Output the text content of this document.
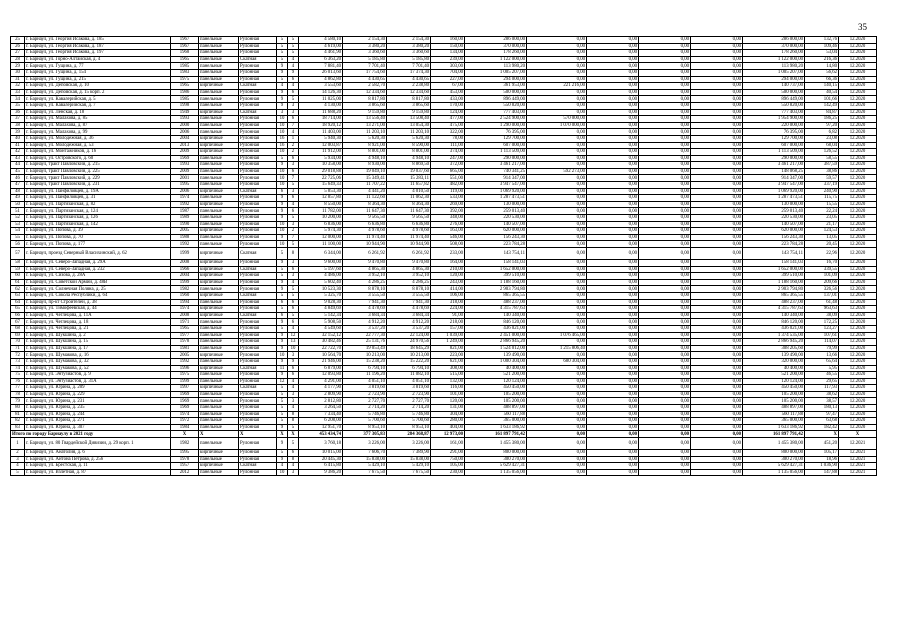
35
25	г. Барнаул, ул. Георгия Исакова, д. 185	1967	панельные	Рулонная	5	5	4 580,10	2 154,30	2 154,30	160,00	286 000,00	0,00	0,00	0,00	0,00	286 000,00	132,76	12.2020
26	г. Барнаул, ул. Георгия Исакова, д. 187	1967	панельные	Рулонная	5	5	4 619,00	3 380,20	3 380,20	150,00	370 000,00	0,00	0,00	0,00	0,00	370 000,00	109,46	12.2020
27	г. Барнаул, ул. Георгия Исакова, д. 197	1968	панельные	Рулонная	5	5	4 461,90	3 360,60	3 360,60	134,00	178 260,00	0,00	0,00	0,00	0,00	178 260,00	53,04	12.2020
28	г. Барнаул, ул. Горно-Алтайская, д. 4	1965	панельные	Скатная	5	4	6 363,20	5 185,80	5 185,80	239,00	1 122 000,00	0,00	0,00	0,00	0,00	1 122 000,00	216,36	12.2020
29	г. Барнаул, ул. Гущина, д. 77	1985	панельные	Рулонная	9	4	7 881,40	7 701,40	7 701,40	303,00	113 980,20	0,00	0,00	0,00	0,00	113 980,20	14,80	12.2020
30	г. Барнаул, ул. Гущина, д. 154	1983	панельные	Рулонная	9	9	26 013,60	17 754,60	17 374,30	704,00	1 005 207,00	0,00	0,00	0,00	0,00	1 005 207,00	56,62	12.2020
31	г. Барнаул, ул. Гущина, д. 215	1975	панельные	Рулонная	5	6	4 862,80	4 430,65	4 430,65	227,00	294 000,00	0,00	0,00	0,00	0,00	294 000,00	66,36	12.2020
32	г. Барнаул, ул. Деповская, д. 10	1965	кирпичные	Скатная	4	4	3 553,60	2 582,70	2 238,80	67,00	361 953,00	221 216,00	0,00	0,00	0,00	140 737,00	140,15	12.2020
33	г. Барнаул, ул. Деповская, д. 15 корп. 2	1986	панельные	Рулонная	9	6	14 126,30	12 334,60	12 334,60	453,00	500 000,00	0,00	0,00	0,00	0,00	500 000,00	40,54	12.2020
34	г. Барнаул, ул. Кавалерийская, д. 5	1985	панельные	Рулонная	9	5	11 025,00	8 817,80	8 817,80	433,00	896 449,00	0,00	0,00	0,00	0,00	896 449,00	101,66	12.2020
35	г. Барнаул, ул. Кавалерийская, д. 7	1998	панельные	Рулонная	9	3	4 130,00	3 865,60	3 865,60	170,00	550 820,00	0,00	0,00	0,00	0,00	550 820,00	142,49	12.2020
36	г. Барнаул, ул. Ленская, д. 18	1949	кирпичные	Скатная	3	3	11 688,20	9 159,80	9 159,80	124,00	777 403,00	0,00	0,00	0,00	0,00	777 403,00	84,87	12.2020
37	г. Барнаул, ул. Малахова, д. 85	1993	панельные	Рулонная	10	6	18 714,00	13 556,40	13 508,40	477,00	2 524 900,00	570 000,00	0,00	0,00	0,00	1 954 900,00	186,25	12.2020
38	г. Барнаул, ул. Малахова, д. 87	2000	панельные	Рулонная	10	7	18 920,12	13 271,00	13 054,30	475,00	1 290 000,00	1 070 000,00	0,00	0,00	0,00	220 000,00	97,20	12.2020
39	г. Барнаул, ул. Малахова, д. 99	2006	панельные	Рулонная	10	4	11 403,00	11 203,10	11 203,10	322,00	76 395,00	0,00	0,00	0,00	0,00	76 395,00	6,82	12.2020
40	г. Барнаул, ул. Молодежная, д. 36	2004	кирпичные	Рулонная	16	1	5 940,30	5 620,30	5 620,30	78,00	129 700,00	0,00	0,00	0,00	0,00	129 700,00	23,08	12.2020
41	г. Барнаул, ул. Молодежная, д. 53	2013	кирпичные	Рулонная	16	2	12 003,87	8 921,00	8 590,00	111,00	607 000,00	0,00	0,00	0,00	0,00	607 000,00	68,04	12.2020
42	г. Барнаул, ул. Монтажников, д. 16	2009	кирпичные	Рулонная	10	2	11 912,00	8 801,00	8 801,00	374,00	1 113 509,00	0,00	0,00	0,00	0,00	1 113 509,00	126,52	12.2020
43	г. Барнаул, ул. Островского, д. 60	1969	панельные	Рулонная	5	6	5 934,00	4 948,10	4 948,10	247,00	290 000,00	0,00	0,00	0,00	0,00	290 000,00	58,55	12.2020
44	г. Барнаул, тракт Павловский, д. 215	1993	панельные	Рулонная	9	3	10 358,00	8 930,00	8 869,50	372,00	3 461 217,00	0,00	0,00	0,00	0,00	3 461 217,00	387,59	12.2020
45	г. Барнаул, тракт Павловский, д. 225	2009	панельные	Рулонная	10	6	29 018,88	19 049,10	19 037,60	665,00	740 341,25	592 273,00	0,00	0,00	0,00	148 068,25	38,86	12.2020
46	г. Барнаул, тракт Павловский, д. 229	2001	панельные	Рулонная	10	7	22 725,06	15 349,41	15 283,11	551,00	914 347,00	0,00	0,00	0,00	0,00	914 347,00	59,57	12.2020
47	г. Барнаул, тракт Павловский, д. 231	1995	панельные	Рулонная	10	5	15 649,33	11 707,22	11 657,82	482,00	3 947 547,00	0,00	0,00	0,00	0,00	3 947 547,00	337,19	12.2020
48	г. Барнаул, ул. Панфиловцев, д. 19А	2006	кирпичные	Скатная	6	3	5 853,30	4 441,20	4 010,50	119,00	1 069 920,00	0,00	0,00	0,00	0,00	1 069 920,00	240,90	12.2020
49	г. Барнаул, ул. Панфиловцев, д. 31	1974	панельные	Рулонная	9	6	12 857,80	11 122,60	11 062,30	533,00	1 287 473,51	0,00	0,00	0,00	0,00	1 287 473,51	115,75	12.2020
50	г. Барнаул, ул. Партизанская, д. 82	1992	кирпичные	Рулонная	9	4	8 550,00	8 364,30	8 364,30	269,00	130 000,00	0,00	0,00	0,00	0,00	130 000,00	15,55	12.2020
51	г. Барнаул, ул. Партизанская, д. 124	1987	панельные	Рулонная	9	6	11 782,00	11 647,30	11 647,30	392,00	259 013,40	0,00	0,00	0,00	0,00	259 013,40	22,24	12.2020
52	г. Барнаул, ул. Партизанская, д. 126	1989	панельные	Рулонная	9	5	10 200,00	9 565,50	9 565,50	348,00	220 530,00	0,00	0,00	0,00	0,00	220 530,00	23,05	12.2020
53	г. Барнаул, ул. Партизанская, д. 142	1990	панельные	Рулонная	10	3	6 836,00	6 636,80	6 636,80	276,00	140 507,00	0,00	0,00	0,00	0,00	140 507,00	21,17	12.2020
54	г. Барнаул, ул. Попова, д. 39	2005	кирпичные	Рулонная	10	2	5 974,30	4 978,60	4 978,60	163,00	620 000,00	0,00	0,00	0,00	0,00	620 000,00	124,53	12.2020
55	г. Барнаул, ул. Попова, д. 70	1988	панельные	Рулонная	9	7	12 000,00	11 974,40	11 974,40	546,00	156 243,30	0,00	0,00	0,00	0,00	156 243,30	13,05	12.2020
56	г. Барнаул, ул. Попова, д. 177	1992	панельные	Рулонная	10	5	11 100,00	10 944,90	10 944,90	508,00	223 784,28	0,00	0,00	0,00	0,00	223 784,28	20,45	12.2020
57	г. Барнаул, проезд Северный Власихинский, д. 62	1999	кирпичные	Скатная	5	8	6 344,00	6 261,92	6 261,92	233,00	143 754,11	0,00	0,00	0,00	0,00	143 754,11	22,96	12.2020
58	г. Барнаул, ул. Северо-Западная, д. 29А	2008	кирпичные	Рулонная	9	3	9 600,00	9 470,80	9 470,80	164,00	158 141,03	0,00	0,00	0,00	0,00	158 141,03	16,70	12.2020
59	г. Барнаул, ул. Северо-Западная, д. 232	1966	кирпичные	Скатная	5	6	5 197,60	4 865,30	4 865,30	210,00	1 652 000,00	0,00	0,00	0,00	0,00	1 652 000,00	339,55	12.2020
60	г. Барнаул, ул. Сизова, д. 28А	2004	кирпичные	Рулонная	5	3	4 486,00	3 952,10	3 952,10	120,00	399 510,00	0,00	0,00	0,00	0,00	399 510,00	101,09	12.2020
61	г. Барнаул, ул. Советской Армии, д. 48В	1999	кирпичные	Рулонная	9	4	5 602,40	4 286,25	4 286,25	243,00	1 188 160,00	0,00	0,00	0,00	0,00	1 188 160,00	209,66	12.2020
62	г. Барнаул, ул. Солнечная Поляна, д. 25	1982	панельные	Рулонная	9	5	10 523,30	8 878,10	8 878,10	414,00	2 903 794,80	0,00	0,00	0,00	0,00	2 903 794,80	326,56	12.2020
63	г. Барнаул, ул. Сокола Республики, д. 64	1960	кирпичные	Скатная	5	5	5 325,70	3 555,50	3 555,50	106,00	865 365,55	0,00	0,00	0,00	0,00	865 365,55	137,01	12.2020
64	г. Барнаул, пр-кт Строителей, д. 38	1994	панельные	Рулонная	6	6	9 028,30	7 941,30	7 941,30	318,00	488 237,00	0,00	0,00	0,00	0,00	488 237,00	61,48	12.2020
65	г. Барнаул, ул. Тимофеевская, д. 44	1974	кирпичные	Рулонная	5	6	4 849,69	4 478,69	4 478,69	224,00	4 315 787,63	0,00	0,00	0,00	0,00	4 315 787,63	963,63	12.2020
66	г. Барнаул, ул. Чеглецова, д. 11А	2008	кирпичные	Скатная	6	5	5 142,34	3 684,34	3 684,34	91,00	140 340,00	0,00	0,00	0,00	0,00	140 340,00	38,09	12.2020
67	г. Барнаул, ул. Чеглецова, д. 18	1971	панельные	Рулонная	9	6	5 908,50	4 912,20	4 912,20	218,00	846 120,00	0,00	0,00	0,00	0,00	846 120,00	172,25	12.2020
68	г. Барнаул, ул. Чеглецова, д. 21	1965	панельные	Рулонная	5	4	4 549,60	3 537,20	3 537,20	157,00	436 021,00	0,00	0,00	0,00	0,00	436 021,00	123,27	12.2020
69	г. Барнаул, ул. Шукшина, д. 2	1977	панельные	Рулонная	9	12	32 152,12	22 777,30	22 124,00	1 039,00	2 451 000,00	1 076 465,00	0,00	0,00	0,00	1 374 535,00	107,61	12.2020
70	г. Барнаул, ул. Шукшина, д. 15	1978	панельные	Рулонная	9	13	30 482,46	25 131,76	24 970,56	1 249,00	2 866 945,20	0,00	0,00	0,00	0,00	2 866 945,20	114,07	12.2020
71	г. Барнаул, ул. Шукшина, д. 17	1981	панельные	Рулонная	9	10	22 722,70	19 053,49	18 645,29	821,00	1 524 012,00	1 215 806,40	0,00	0,00	0,00	308 205,60	79,99	12.2020
72	г. Барнаул, ул. Шумакова, д. 16	2005	кирпичные	Рулонная	10	3	10 564,70	10 213,00	10 213,00	223,00	139 490,00	0,00	0,00	0,00	0,00	139 490,00	13,66	12.2020
73	г. Барнаул, ул. Шумакова, д. 32	1992	панельные	Рулонная	9	9	21 946,00	15 238,20	15 222,20	621,00	1 000 304,00	680 304,00	0,00	0,00	0,00	320 000,00	65,64	12.2020
74	г. Барнаул, ул. Шумакова, д. 52	1996	кирпичные	Скатная	11	6	6 879,00	6 794,10	6 794,10	308,00	40 400,00	0,00	0,00	0,00	0,00	40 400,00	5,95	12.2020
75	г. Барнаул, ул. Энтузиастов, д. 9	1975	панельные	Рулонная	9	6	12 093,80	11 196,20	11 082,10	515,00	521 200,00	0,00	0,00	0,00	0,00	521 200,00	46,55	12.2020
76	г. Барнаул, ул. Энтузиастов, д. 31А	1999	панельные	Рулонная	12	4	4 291,00	4 051,10	4 051,10	132,00	120 124,00	0,00	0,00	0,00	0,00	120 124,00	29,65	12.2020
77	г. Барнаул, ул. Юрина, д. 209	1997	кирпичные	Скатная	5	4	4 177,90	3 819,60	3 819,60	116,00	450 450,00	0,00	0,00	0,00	0,00	450 450,00	117,93	12.2020
78	г. Барнаул, ул. Юрина, д. 229	1969	панельные	Рулонная	5	3	2 809,90	2 723,90	2 723,90	101,00	105 200,00	0,00	0,00	0,00	0,00	105 200,00	38,62	12.2020
79	г. Барнаул, ул. Юрина, д. 231	1969	панельные	Рулонная	5	3	2 812,80	2 727,70	2 727,70	120,00	105 200,00	0,00	0,00	0,00	0,00	105 200,00	38,57	12.2020
80	г. Барнаул, ул. Юрина, д. 235	1969	панельные	Рулонная	5	4	3 264,50	2 714,20	2 714,20	131,00	488 897,00	0,00	0,00	0,00	0,00	488 897,00	180,13	12.2020
81	г. Барнаул, ул. Юрина, д. 244	1974	панельные	Рулонная	5	8	7 334,40	5 746,80	5 746,80	304,00	560 117,88	0,00	0,00	0,00	0,00	560 117,88	97,47	12.2020
82	г. Барнаул, ул. Юрина, д. 271	1972	панельные	Рулонная	5	8	6 208,00	5 700,60	5 700,60	280,00	365 000,00	0,00	0,00	0,00	0,00	365 000,00	63,68	12.2020
83	г. Барнаул, ул. Юрина, д. 307	1984	панельные	Рулонная	9	5	12 951,70	8 953,10	8 953,10	404,00	1 633 186,92	0,00	0,00	0,00	0,00	1 633 186,92	182,42	12.2020
Итого по городу Барнаулу в 2021 году		X	X	X	X	X	453 434,74	377 305,83	284 368,87	12 973,00	161 897 791,42	0,00	0,00	0,00	0,00	161 897 791,42	X	X
1	г. Барнаул, ул. 80 Гвардейской Дивизии, д. 29 корп. 1	1982	панельные	Рулонная	9	5	3 760,18	3 226,00	3 226,00	161,00	1 455 380,00	0,00	0,00	0,00	0,00	1 455 380,00	451,20	12.2021
2	г. Барнаул, ул. Анатолия, д. 6	1995	кирпичные	Рулонная	5	6	10 015,00	7 606,70	7 389,90	291,00	800 000,00	0,00	0,00	0,00	0,00	800 000,00	105,17	12.2021
3	г. Барнаул, ул. Антона Петрова, д. 256	1978	панельные	Рулонная	9	8	20 445,30	15 838,00	15 838,00	750,00	300 270,00	0,00	0,00	0,00	0,00	300 270,00	18,96	12.2021
4	г. Барнаул, ул. Брестская, д. 11	1957	кирпичные	Скатная	4	4	6 415,80	5 429,10	5 429,10	105,00	5 629 427,31	0,00	0,00	0,00	0,00	5 629 427,31	1 036,90	12.2021
5	г. Барнаул, ул. Взлетная, д. 87	2012	панельные	Рулонная	10	3	9 386,20	7 675,50	7 675,50	230,00	1 135 056,00	0,00	0,00	0,00	0,00	1 135 056,00	147,88	12.2021
